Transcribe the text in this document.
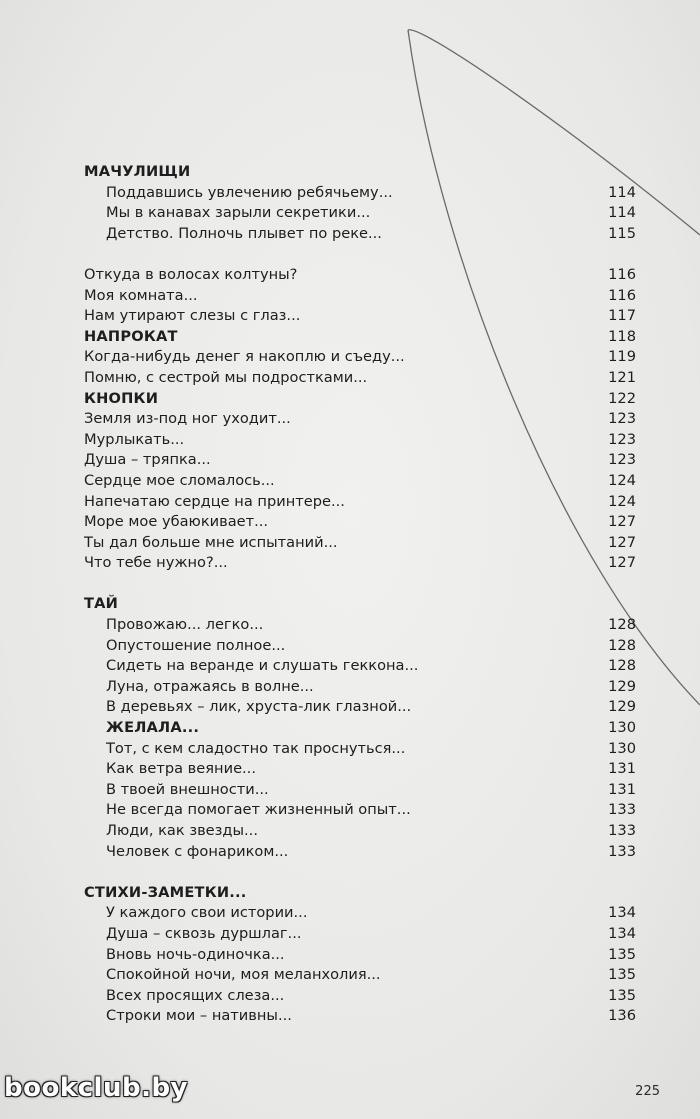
МАЧУЛИЩИ
Поддавшись увлечению ребячьему...	114
Мы в канавах зарыли секретики...	114
Детство. Полночь плывет по реке...	115
Откуда в волосах колтуны?	116
Моя комната...	116
Нам утирают слезы с глаз...	117
НАПРОКАТ	118
Когда-нибудь денег я накоплю и съеду...	119
Помню, с сестрой мы подростками...	121
КНОПКИ	122
Земля из-под ног уходит...	123
Мурлыкать...	123
Душа – тряпка...	123
Сердце мое сломалось...	124
Напечатаю сердце на принтере...	124
Море мое убаюкивает...	127
Ты дал больше мне испытаний...	127
Что тебе нужно?...	127
ТАЙ
Провожаю... легко...	128
Опустошение полное...	128
Сидеть на веранде и слушать геккона...	128
Луна, отражаясь в волне...	129
В деревьях – лик, хруста-лик глазной...	129
ЖЕЛАЛА...	130
Тот, с кем сладостно так проснуться...	130
Как ветра веяние...	131
В твоей внешности...	131
Не всегда помогает жизненный опыт...	133
Люди, как звезды...	133
Человек с фонариком...	133
СТИХИ-ЗАМЕТКИ...
У каждого свои истории...	134
Душа – сквозь дуршлаг...	134
Вновь ночь-одиночка...	135
Спокойной ночи, моя меланхолия...	135
Всех просящих слеза...	135
Строки мои – нативны...	136
225
bookclub.by
